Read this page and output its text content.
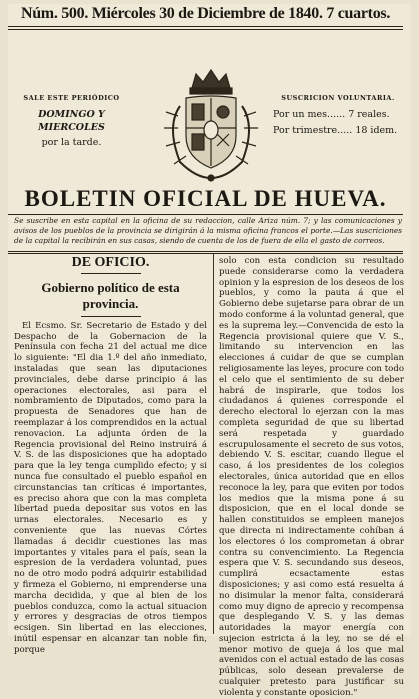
Núm. 500. Miércoles 30 de Diciembre de 1840. 7 cuartos.
SALE ESTE PERIÓDICO
DOMINGO Y MIERCOLES
por la tarde.
SUSCRICION VOLUNTARIA.
Por un mes...... 7 reales.
Por trimestre..... 18 idem.
BOLETIN OFICIAL DE HUEVA.
Se suscribe en esta capital en la oficina de su redaccion, calle Ariza núm. 7; y las comunicaciones y avisos de los pueblos de la provincia se dirigirán á la misma oficina francos el porte.—Las suscriciones de la capital la recibirán en sus casas, siendo de cuenta de los de fuera de ella el gasto de correos.
DE OFICIO.
Gobierno político de esta provincia.
El Ecsmo. Sr. Secretario de Estado y del Despacho de la Gobernacion de la Península con fecha 21 del actual me dice lo siguiente: "El dia 1.º del año inmediato, instaladas que sean las diputaciones provinciales, debe darse principio á las operaciones electorales, asi para el nombramiento de Diputados, como para la propuesta de Senadores que han de reemplazar á los comprendidos en la actual renovacion. La adjunta órden de la Regencia provisional del Reino instruirá á V. S. de las disposiciones que ha adoptado para que la ley tenga cumplido efecto; y si nunca fue consultado el pueblo español en circunstancias tan críticas é importantes, es preciso ahora que con la mas completa libertad pueda depositar sus votos en las urnas electorales. Necesario es y conveniente que las nuevas Córtes llamadas á decidir cuestiones las mas importantes y vitales para el país, sean la espresion de la verdadera voluntad, pues no de otro modo podrá adquirir estabilidad y firmeza el Gobierno, ni emprenderse una marcha decidida, y que al bien de los pueblos conduzca, como la actual situacion y errores y desgracias de otros tiempos ecsigen. Sin libertad en las elecciones, inútil espensar en alcanzar tan noble fin, porque
solo con esta condicion su resultado puede considerarse como la verdadera opinion y la espresion de los deseos de los pueblos, y como la pauta á que el Gobierno debe sujetarse para obrar de un modo conforme á la voluntad general, que es la suprema ley.—Convencida de esto la Regencia provisional quiere que V. S., limitando su intervencion en las elecciones á cuidar de que se cumplan religiosamente las leyes, procure con todo el celo que el sentimiento de su deber habrá de inspirarle, que todos los ciudadanos á quienes corresponde el derecho electoral lo ejerzan con la mas completa seguridad de que su libertad será respetada y guardado escrupulosamente el secreto de sus votos, debiendo V. S. escitar, cuando llegue el caso, á los presidentes de los colegios electorales, única autoridad que en ellos reconoce la ley, para que eviten por todos los medios que la misma pone á su disposicion, que en el local donde se hallen constituidos se empleen manejos que directa ni indirectamente cohíban á los electores ó los comprometan á obrar contra su convencimiento. La Regencia espera que V. S. secundando sus deseos, cumplirá ecsactamente estas disposiciones; y asi como está resuelta á no disimular la menor falta, considerará como muy digno de aprecio y recompensa que desplegando V. S. y las demas autoridades la mayor energía con sujecion estricta á la ley, no se dé el menor motivo de queja á los que mal avenidos con el actual estado de las cosas públicas, solo desean prevalerse de cualquier pretesto para justificar su violenta y constante oposicion."
